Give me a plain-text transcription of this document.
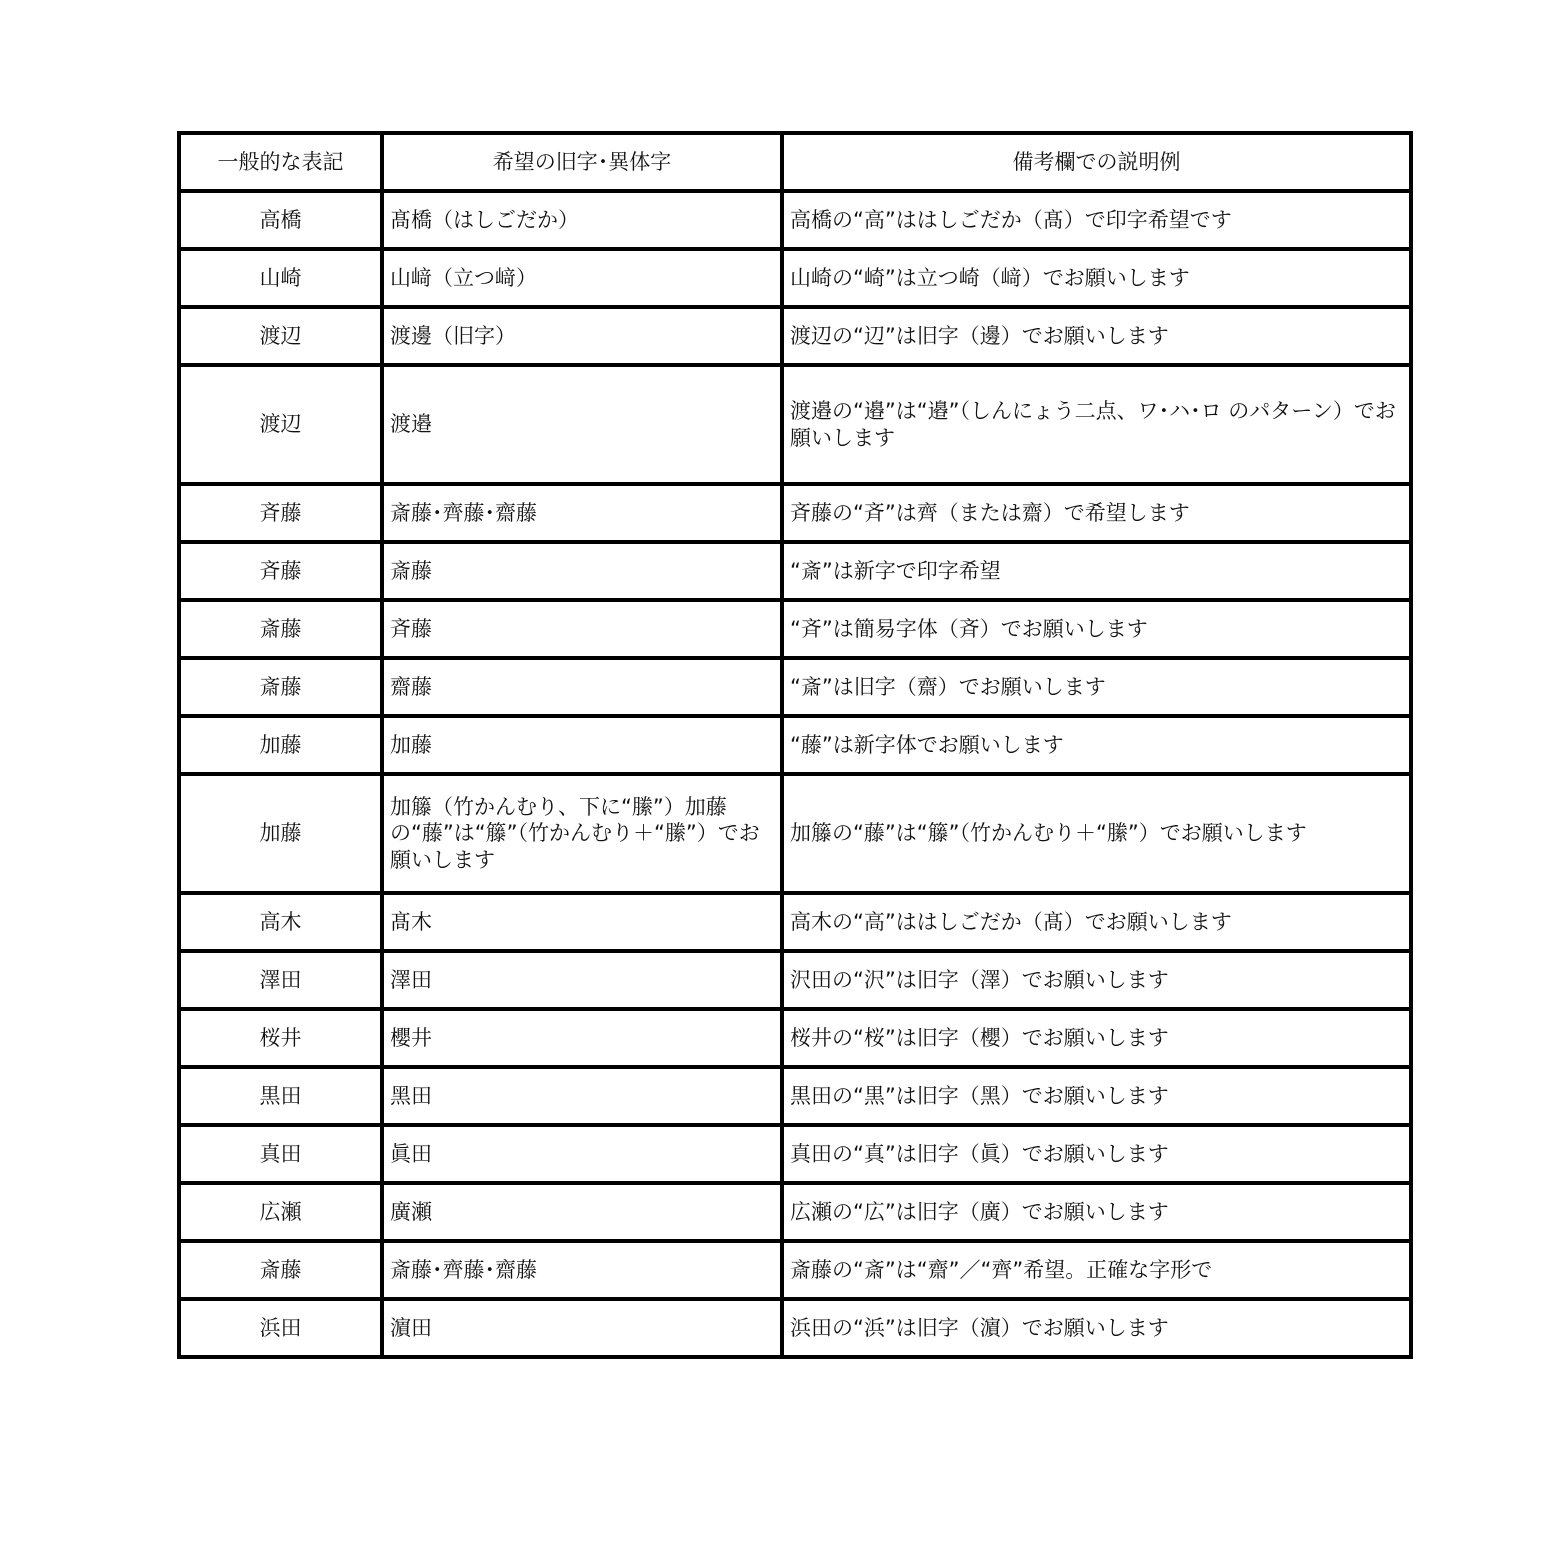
一般的な表記	希望の旧字･異体字	備考欄での説明例
高橋	髙橋（はしごだか）	高橋の“高”ははしごだか（髙）で印字希望です
山崎	山﨑（立つ﨑）	山崎の“崎”は立つ崎（﨑）でお願いします
渡辺	渡邊（旧字）	渡辺の“辺”は旧字（邊）でお願いします
渡辺	渡邉	渡邉の“邉”は“邉”（しんにょう二点、ワ･ハ･ロ のパターン）でお願いします
斉藤	斎藤･齊藤･齋藤	斉藤の“斉”は齊（または齋）で希望します
斉藤	斎藤	“斎”は新字で印字希望
斎藤	斉藤	“斉”は簡易字体（斉）でお願いします
斎藤	齋藤	“斎”は旧字（齋）でお願いします
加藤	加藤	“藤”は新字体でお願いします
加藤	加籐（竹かんむり、下に“縢”）加藤の“藤”は“籐”（竹かんむり＋“縢”）でお願いします	加籐の“藤”は“籐”（竹かんむり＋“縢”）でお願いします
高木	髙木	高木の“高”ははしごだか（髙）でお願いします
澤田	澤田	沢田の“沢”は旧字（澤）でお願いします
桜井	櫻井	桜井の“桜”は旧字（櫻）でお願いします
黒田	黑田	黒田の“黒”は旧字（黑）でお願いします
真田	眞田	真田の“真”は旧字（眞）でお願いします
広瀬	廣瀬	広瀬の“広”は旧字（廣）でお願いします
斎藤	斎藤･齊藤･齋藤	斎藤の“斎”は“齋”／“齊”希望。正確な字形で
浜田	濵田	浜田の“浜”は旧字（濵）でお願いします
